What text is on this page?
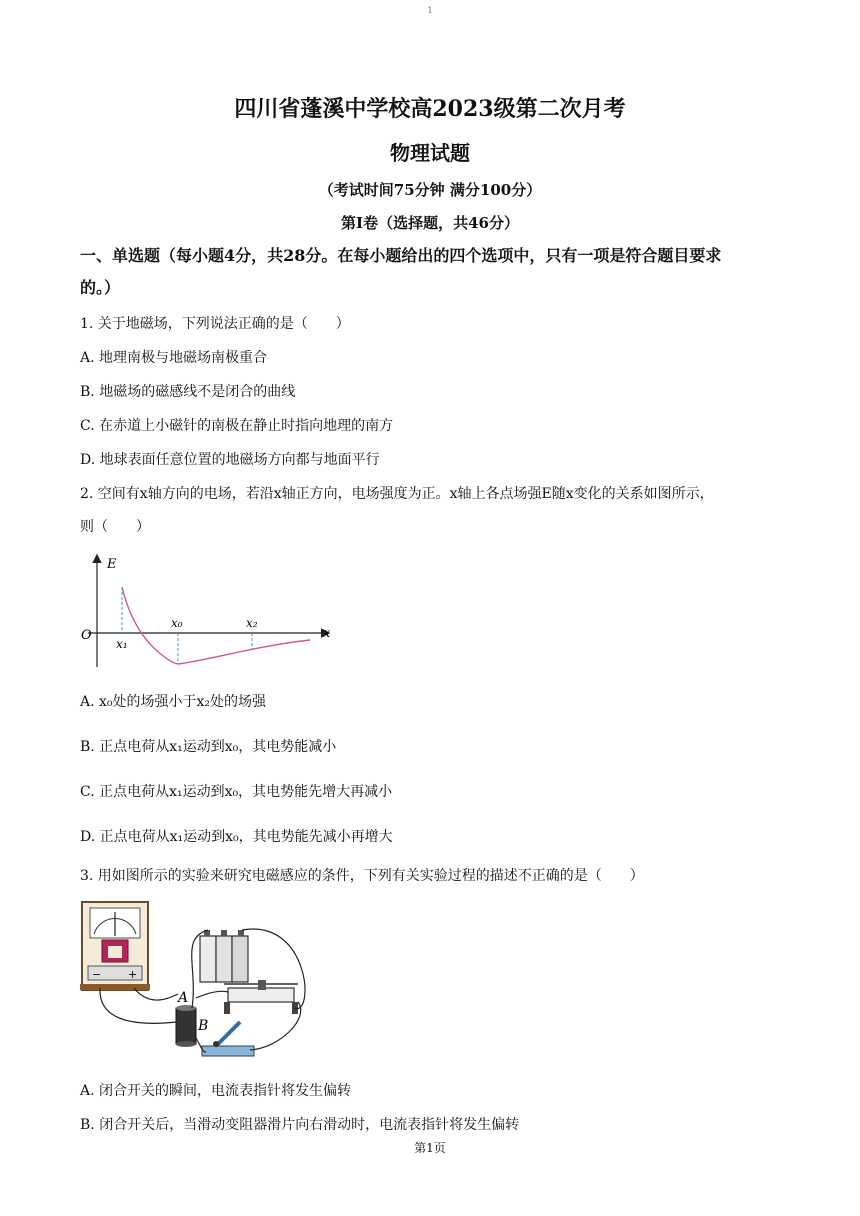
1
四川省蓬溪中学校高2023级第二次月考
物理试题
（考试时间75分钟 满分100分）
第Ⅰ卷（选择题，共46分）
一、单选题（每小题4分，共28分。在每小题给出的四个选项中，只有一项是符合题目要求
的。）
1. 关于地磁场，下列说法正确的是（　　）
A. 地理南极与地磁场南极重合
B. 地磁场的磁感线不是闭合的曲线
C. 在赤道上小磁针的南极在静止时指向地理的南方
D. 地球表面任意位置的地磁场方向都与地面平行
2. 空间有x轴方向的电场，若沿x轴正方向，电场强度为正。x轴上各点场强E随x变化的关系如图所示，
则（　　）
E
x
O
x₁
x₀	x₂
A. x₀处的场强小于x₂处的场强
B. 正点电荷从x₁运动到x₀，其电势能减小
C. 正点电荷从x₁运动到x₀，其电势能先增大再减小
D. 正点电荷从x₁运动到x₀，其电势能先减小再增大
3. 用如图所示的实验来研究电磁感应的条件，下列有关实验过程的描述不正确的是（　　）
− +
A
B
A. 闭合开关的瞬间，电流表指针将发生偏转
B. 闭合开关后，当滑动变阻器滑片向右滑动时，电流表指针将发生偏转
第1页
